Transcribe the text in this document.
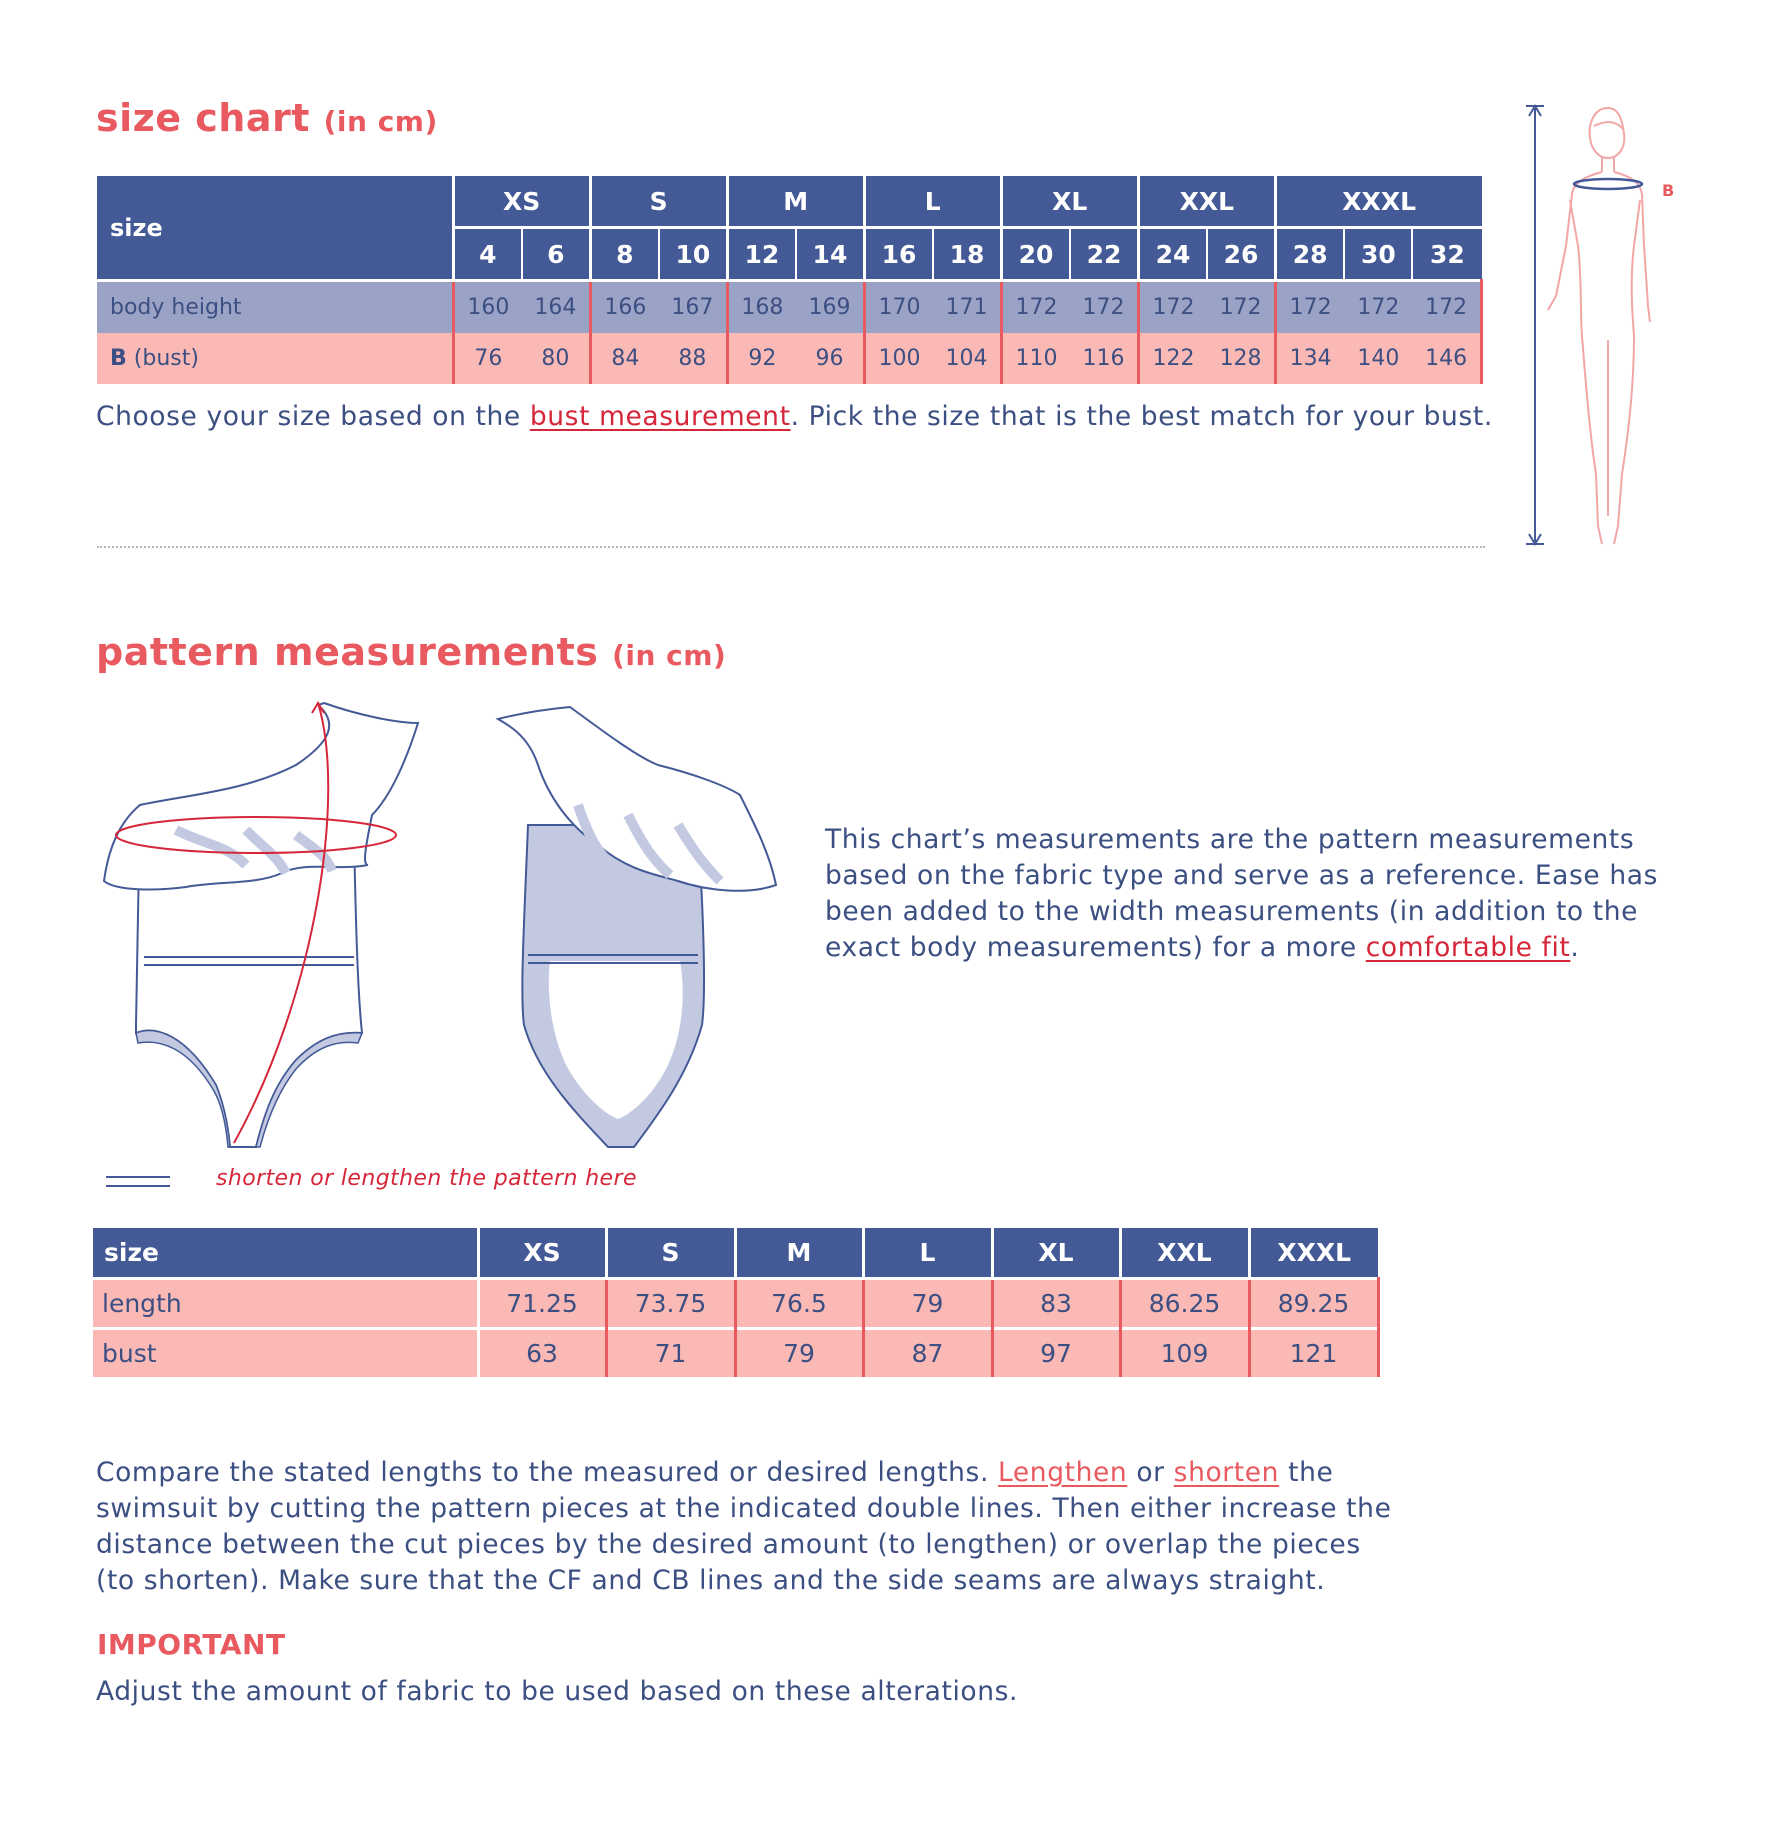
size chart (in cm)
size	XS		S		M		L		XL		XXL		XXXL		
	4	6	8	10	12	14	16	18	20	22	24	26	28	30	32
body height	160	164	166	167	168	169	170	171	172	172	172	172	172	172	172
B (bust)	76	80	84	88	92	96	100	104	110	116	122	128	134	140	146
Choose your size based on the bust measurement. Pick the size that is the best match for your bust.
B
pattern measurements (in cm)
shorten or lengthen the pattern here
This chart’s measurements are the pattern measurements based on the fabric type and serve as a reference. Ease has been added to the width measurements (in addition to the exact body measurements) for a more comfortable fit.
size	XS	S	M	L	XL	XXL	XXXL
length	71.25	73.75	76.5	79	83	86.25	89.25
bust	63	71	79	87	97	109	121
Compare the stated lengths to the measured or desired lengths. Lengthen or shorten the swimsuit by cutting the pattern pieces at the indicated double lines. Then either increase the distance between the cut pieces by the desired amount (to lengthen) or overlap the pieces (to shorten). Make sure that the CF and CB lines and the side seams are always straight.
IMPORTANT
Adjust the amount of fabric to be used based on these alterations.
